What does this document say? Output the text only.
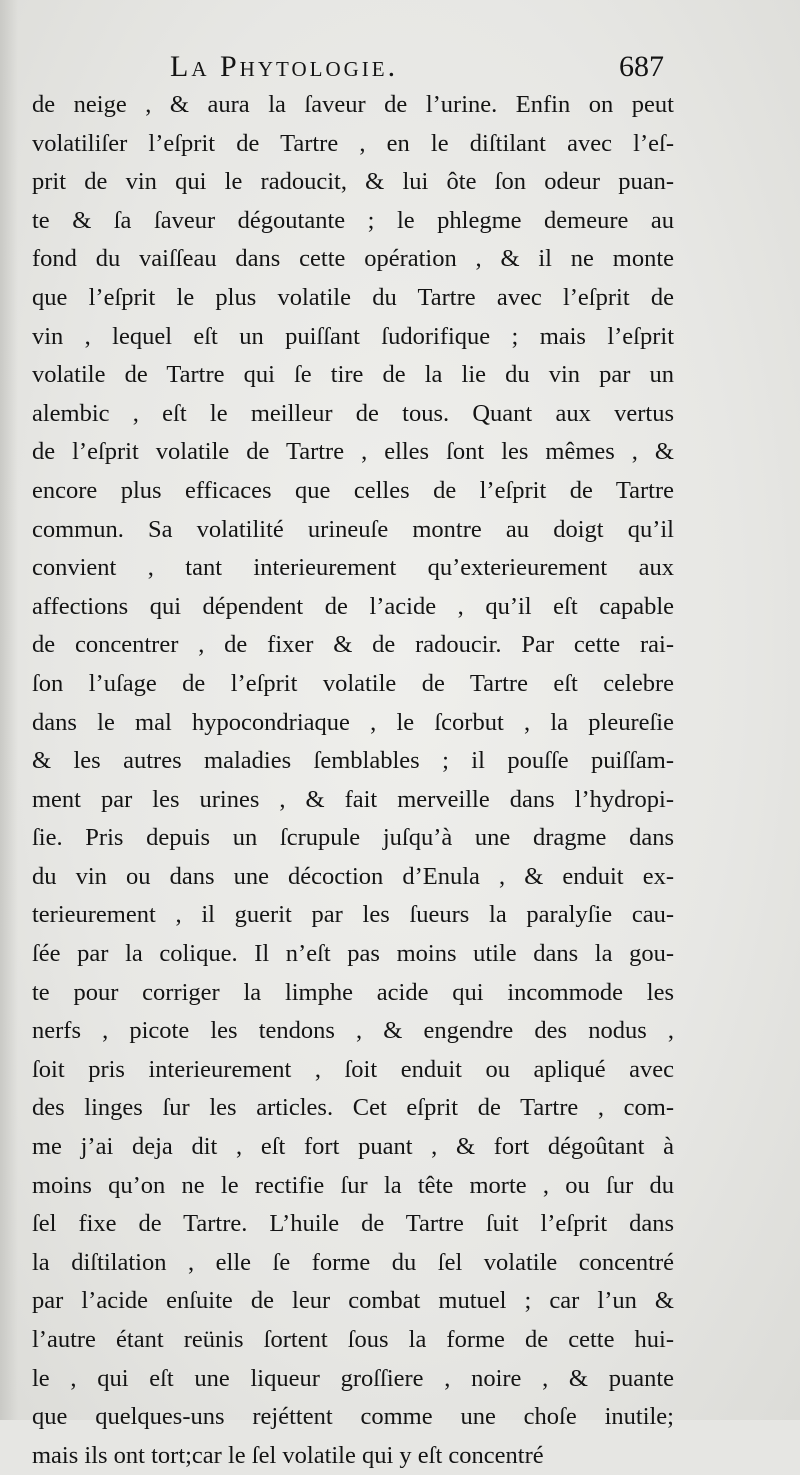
La Phytologie.	687
de neige , & aura la ſaveur de l’urine. Enfin on peut
volatiliſer l’eſprit de Tartre , en le diſtilant avec l’eſ-
prit de vin qui le radoucit, & lui ôte ſon odeur puan-
te & ſa ſaveur dégoutante ; le phlegme demeure au
fond du vaiſſeau dans cette opération , & il ne monte
que l’eſprit le plus volatile du Tartre avec l’eſprit de
vin , lequel eſt un puiſſant ſudorifique ; mais l’eſprit
volatile de Tartre qui ſe tire de la lie du vin par un
alembic , eſt le meilleur de tous. Quant aux vertus
de l’eſprit volatile de Tartre , elles ſont les mêmes , &
encore plus efficaces que celles de l’eſprit de Tartre
commun. Sa volatilité urineuſe montre au doigt qu’il
convient , tant interieurement qu’exterieurement aux
affections qui dépendent de l’acide , qu’il eſt capable
de concentrer , de fixer & de radoucir. Par cette rai-
ſon l’uſage de l’eſprit volatile de Tartre eſt celebre
dans le mal hypocondriaque , le ſcorbut , la pleureſie
& les autres maladies ſemblables ; il pouſſe puiſſam-
ment par les urines , & fait merveille dans l’hydropi-
ſie. Pris depuis un ſcrupule juſqu’à une dragme dans
du vin ou dans une décoction d’Enula , & enduit ex-
terieurement , il guerit par les ſueurs la paralyſie cau-
ſée par la colique. Il n’eſt pas moins utile dans la gou-
te pour corriger la limphe acide qui incommode les
nerfs , picote les tendons , & engendre des nodus ,
ſoit pris interieurement , ſoit enduit ou apliqué avec
des linges ſur les articles. Cet eſprit de Tartre , com-
me j’ai deja dit , eſt fort puant , & fort dégoûtant à
moins qu’on ne le rectifie ſur la tête morte , ou ſur du
ſel fixe de Tartre. L’huile de Tartre ſuit l’eſprit dans
la diſtilation , elle ſe forme du ſel volatile concentré
par l’acide enſuite de leur combat mutuel ; car l’un &
l’autre étant reünis ſortent ſous la forme de cette hui-
le , qui eſt une liqueur groſſiere , noire , & puante
que quelques-uns rejéttent comme une choſe inutile;
mais ils ont tort;car le ſel volatile qui y eſt concentré
